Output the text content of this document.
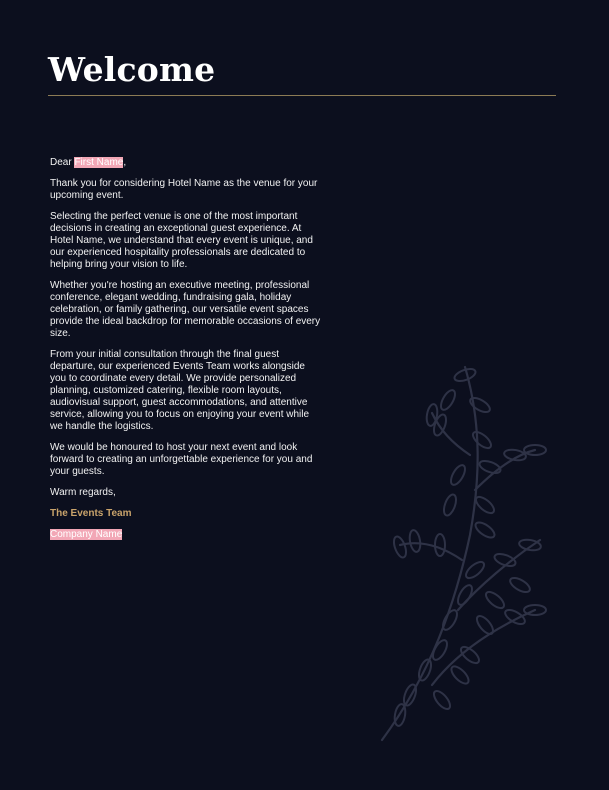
Welcome

Dear First Name,

Thank you for considering Hotel Name as the venue for your upcoming event.

Selecting the perfect venue is one of the most important decisions in creating an exceptional guest experience. At Hotel Name, we understand that every event is unique, and our experienced hospitality professionals are dedicated to helping bring your vision to life.

Whether you're hosting an executive meeting, professional conference, elegant wedding, fundraising gala, holiday celebration, or family gathering, our versatile event spaces provide the ideal backdrop for memorable occasions of every size.

From your initial consultation through the final guest departure, our experienced Events Team works alongside you to coordinate every detail. We provide personalized planning, customized catering, flexible room layouts, audiovisual support, guest accommodations, and attentive service, allowing you to focus on enjoying your event while we handle the logistics.

We would be honoured to host your next event and look forward to creating an unforgettable experience for you and your guests.

Warm regards,

The Events Team

Company Name
